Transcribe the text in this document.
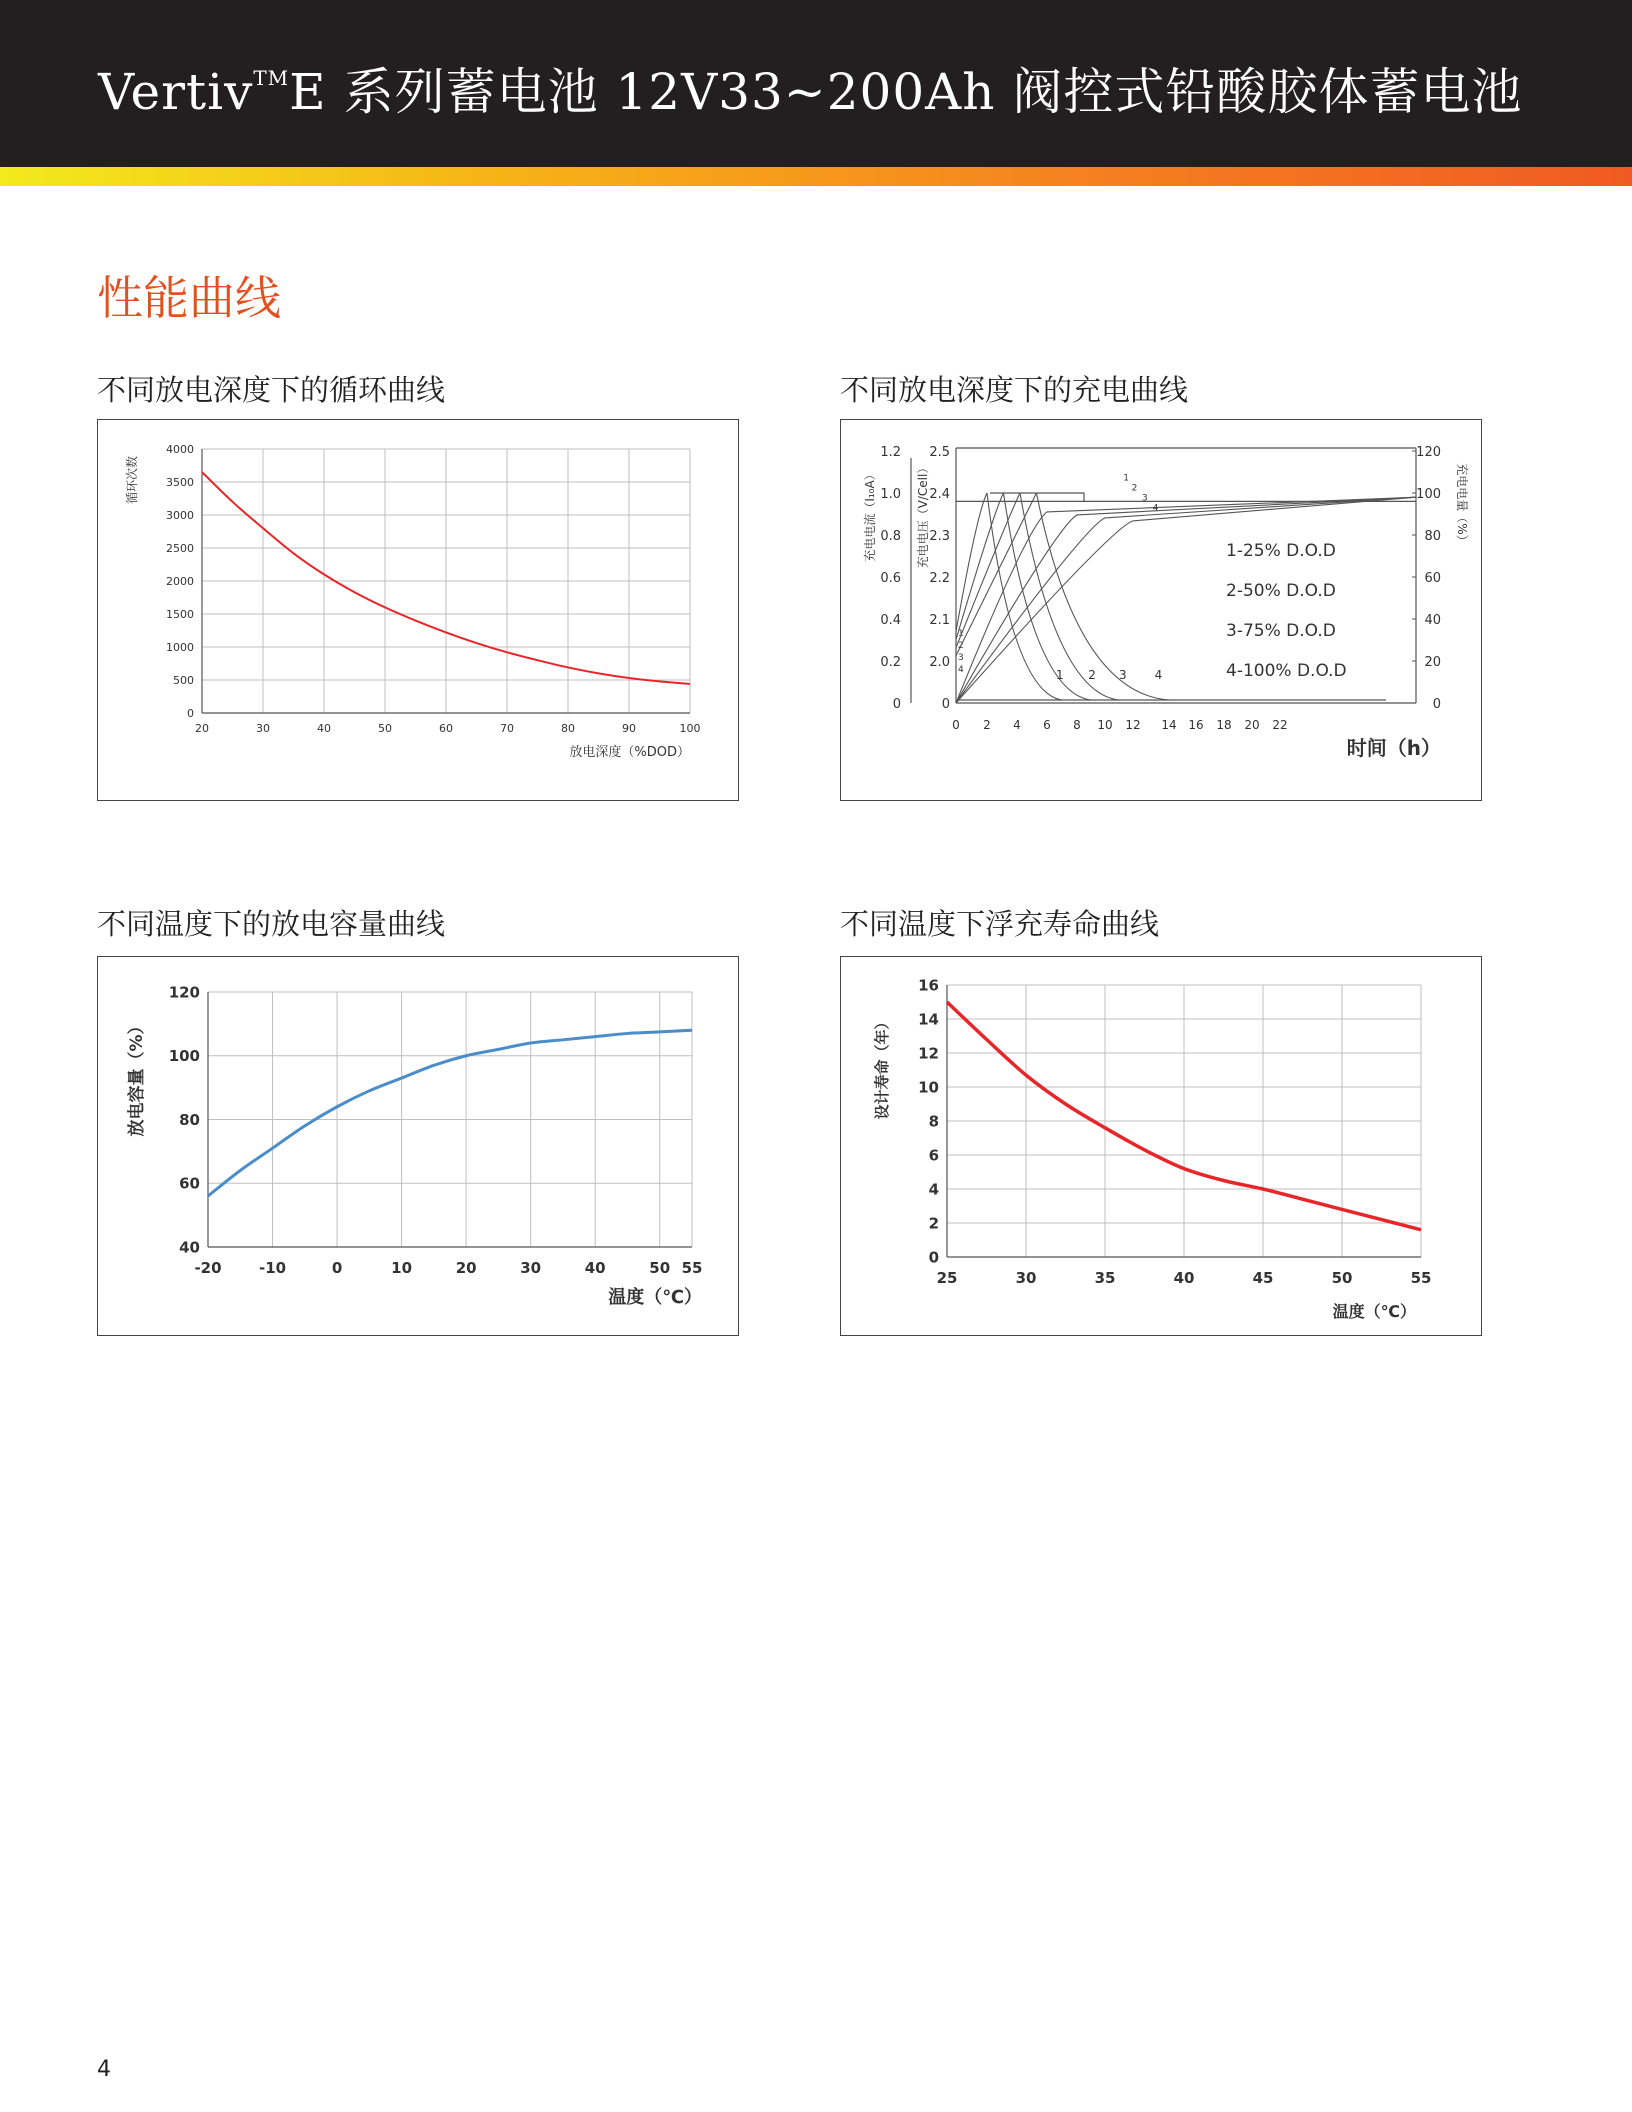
Vertiv™E 系列蓄电池 12V33~200Ah 阀控式铅酸胶体蓄电池
性能曲线
不同放电深度下的循环曲线
20	30	40	50	60	70	80	90	100
0
500
1000
1500
2000
2500
3000
3500
4000
放电深度（%DOD）
循环次数
不同放电深度下的充电曲线
0
0.2
0.4
0.6
0.8
1.0
1.2
0
2.0
2.1
2.2
2.3
2.4
2.5
0
20
40
60
80
100
120
0 2 4 6 8 10 12 14 16 18 20 22
充电电流（I₁₀A）	充电电压（V/Cell）	充电电量（%）
时间（h）
1
1
1
2
2
2
3
3
3
4
4
4
1-25% D.O.D
2-50% D.O.D
3-75% D.O.D
4-100% D.O.D
不同温度下的放电容量曲线
-20 -10	0	10	20	30	40	50 55
40
60
80
100
120
温度（℃）
放电容量（%）
不同温度下浮充寿命曲线
25	30	35	40	45	50	55
0
2
4
6
8
10
12
14
16
温度（℃）
设计寿命（年）
4
